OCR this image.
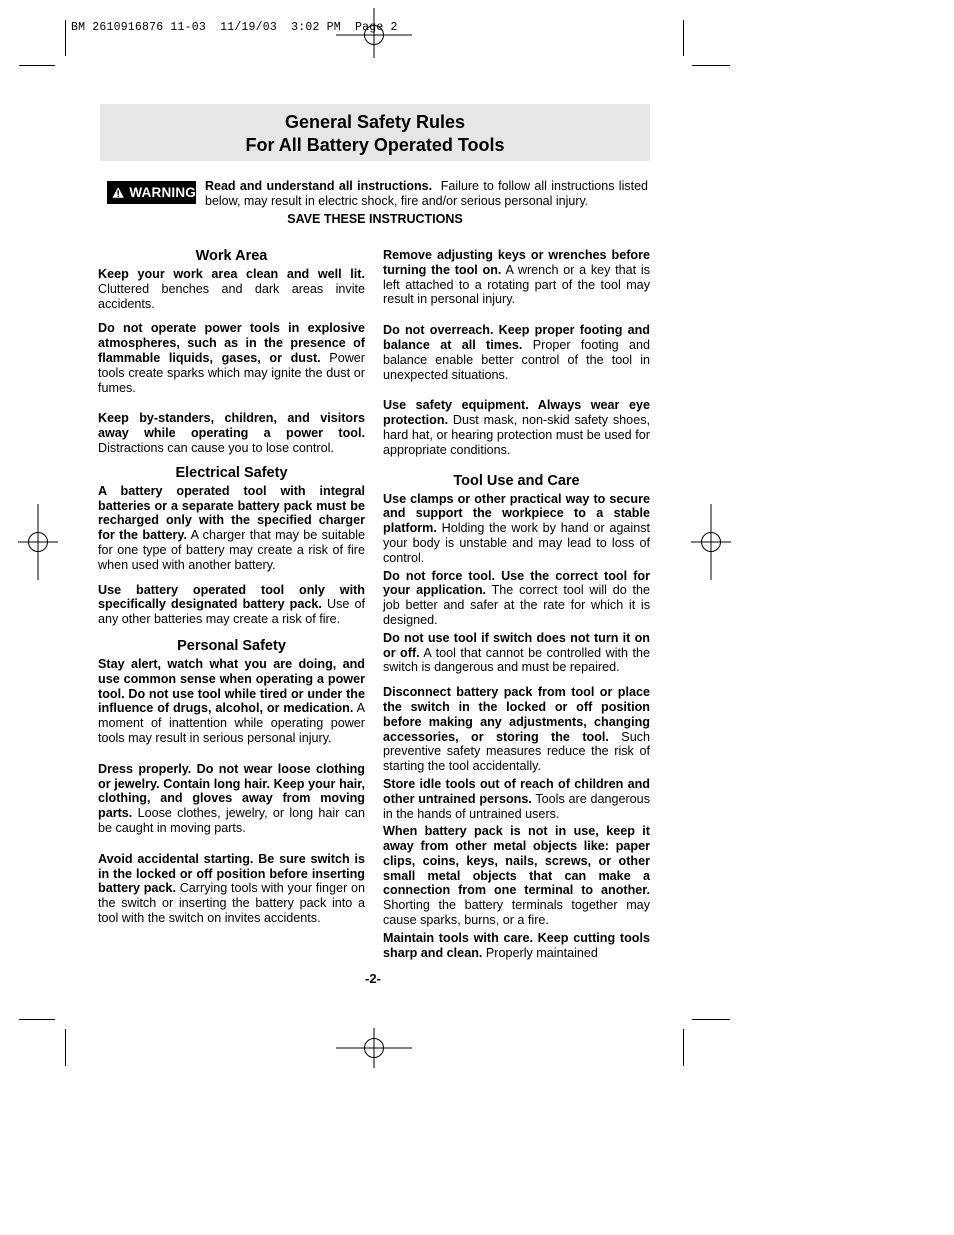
BM 2610916876 11-03  11/19/03  3:02 PM  Page 2
General Safety Rules
For All Battery Operated Tools
WARNING Read and understand all instructions. Failure to follow all instructions listed below, may result in electric shock, fire and/or serious personal injury.
SAVE THESE INSTRUCTIONS
Work Area

Keep your work area clean and well lit. Cluttered benches and dark areas invite accidents.

Do not operate power tools in explosive atmospheres, such as in the presence of flammable liquids, gases, or dust. Power tools create sparks which may ignite the dust or fumes.

Keep by-standers, children, and visitors away while operating a power tool. Distractions can cause you to lose control.

Electrical Safety

A battery operated tool with integral batteries or a separate battery pack must be recharged only with the specified charger for the battery. A charger that may be suitable for one type of battery may create a risk of fire when used with another battery.

Use battery operated tool only with specifically designated battery pack. Use of any other batteries may create a risk of fire.

Personal Safety

Stay alert, watch what you are doing, and use common sense when operating a power tool. Do not use tool while tired or under the influence of drugs, alcohol, or medication. A moment of inattention while operating power tools may result in serious personal injury.

Dress properly. Do not wear loose clothing or jewelry. Contain long hair. Keep your hair, clothing, and gloves away from moving parts. Loose clothes, jewelry, or long hair can be caught in moving parts.

Avoid accidental starting. Be sure switch is in the locked or off position before inserting battery pack. Carrying tools with your finger on the switch or inserting the battery pack into a tool with the switch on invites accidents.

Remove adjusting keys or wrenches before turning the tool on. A wrench or a key that is left attached to a rotating part of the tool may result in personal injury.

Do not overreach. Keep proper footing and balance at all times. Proper footing and balance enable better control of the tool in unexpected situations.

Use safety equipment. Always wear eye protection. Dust mask, non-skid safety shoes, hard hat, or hearing protection must be used for appropriate conditions.

Tool Use and Care

Use clamps or other practical way to secure and support the workpiece to a stable platform. Holding the work by hand or against your body is unstable and may lead to loss of control.

Do not force tool. Use the correct tool for your application. The correct tool will do the job better and safer at the rate for which it is designed.

Do not use tool if switch does not turn it on or off. A tool that cannot be controlled with the switch is dangerous and must be repaired.

Disconnect battery pack from tool or place the switch in the locked or off position before making any adjustments, changing accessories, or storing the tool. Such preventive safety measures reduce the risk of starting the tool accidentally.

Store idle tools out of reach of children and other untrained persons. Tools are dangerous in the hands of untrained users.

When battery pack is not in use, keep it away from other metal objects like: paper clips, coins, keys, nails, screws, or other small metal objects that can make a connection from one terminal to another. Shorting the battery terminals together may cause sparks, burns, or a fire.

Maintain tools with care. Keep cutting tools sharp and clean. Properly maintained

-2-
